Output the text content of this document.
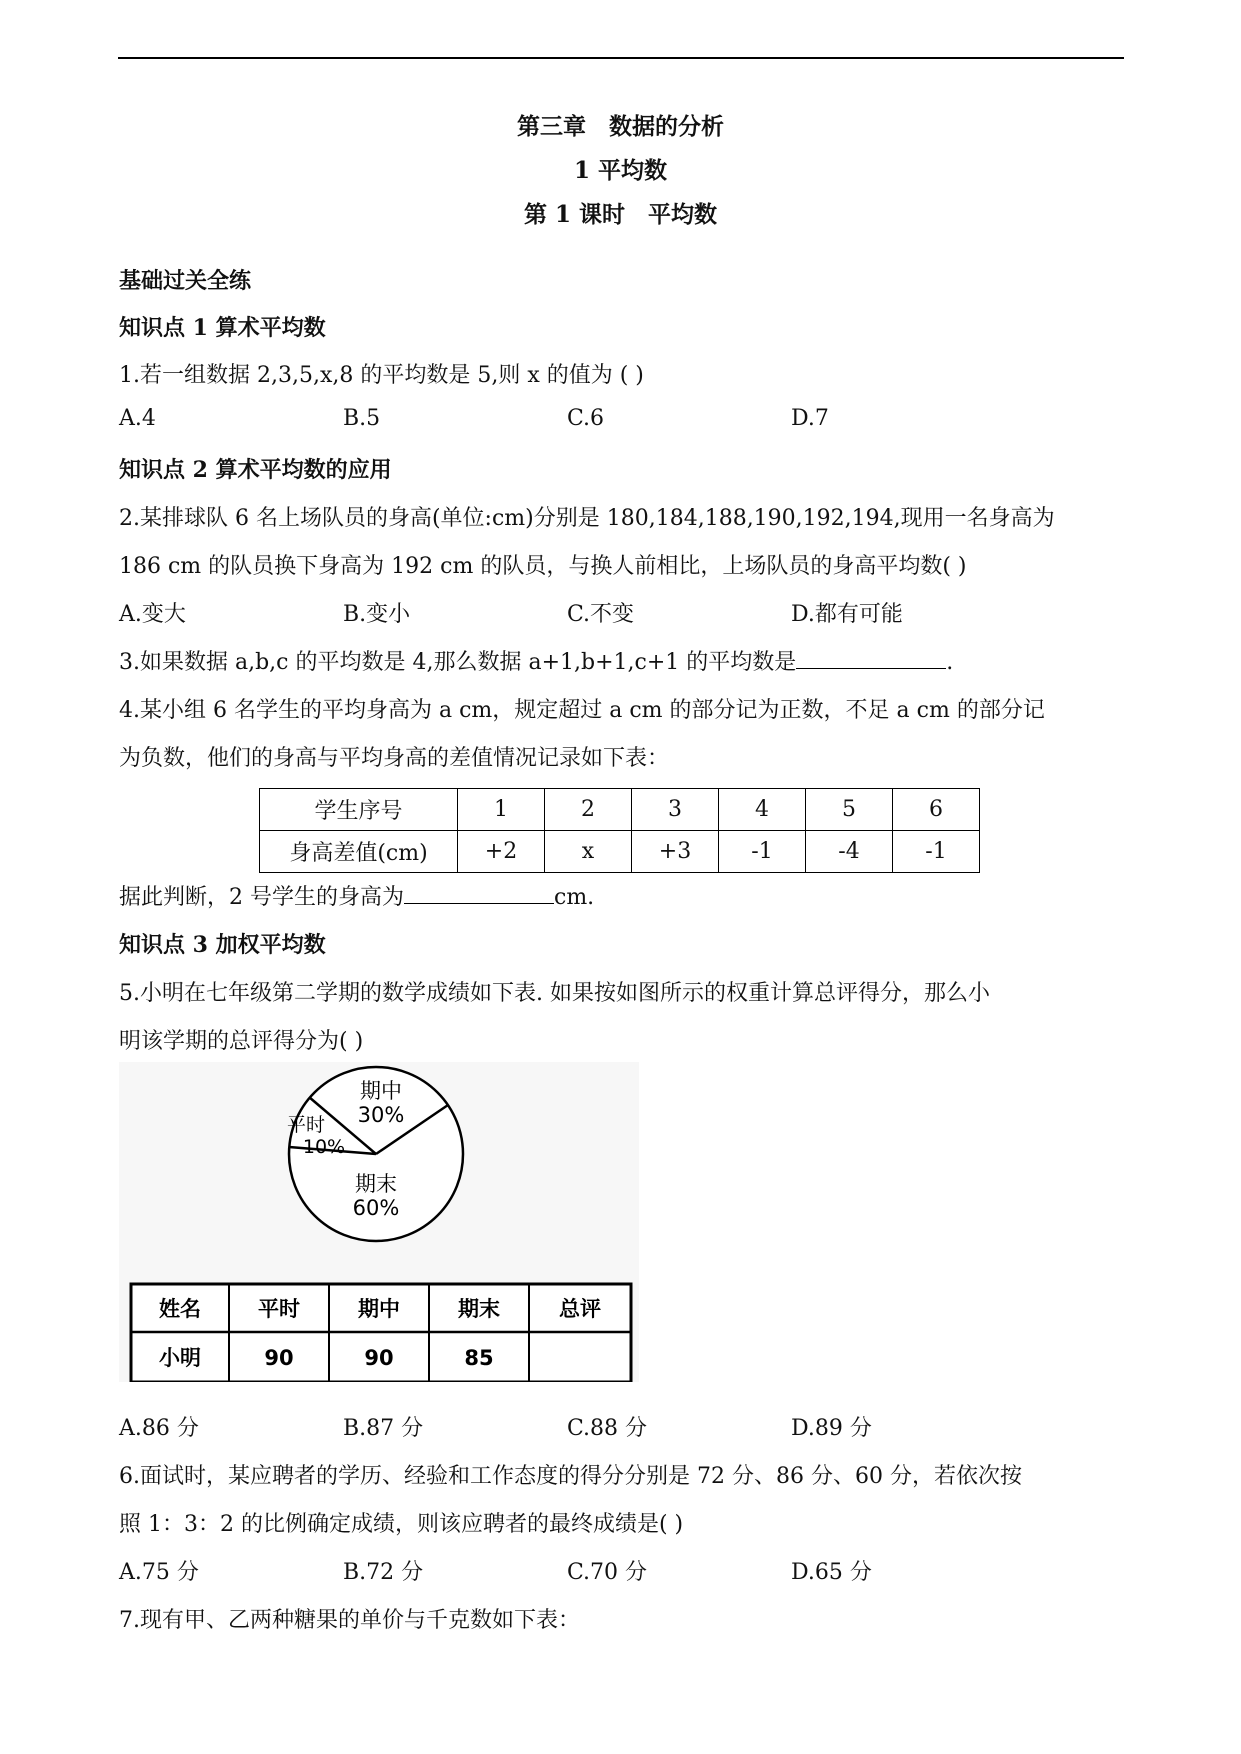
第三章　数据的分析
1 平均数
第 1 课时　平均数
基础过关全练
知识点 1 算术平均数
1.若一组数据 2,3,5,x,8 的平均数是 5,则 x 的值为 ( )
A.4	B.5	C.6	D.7
知识点 2 算术平均数的应用
2.某排球队 6 名上场队员的身高(单位:cm)分别是 180,184,188,190,192,194,现用一名身高为
186 cm 的队员换下身高为 192 cm 的队员，与换人前相比，上场队员的身高平均数( )
A.变大	B.变小	C.不变	D.都有可能
3.如果数据 a,b,c 的平均数是 4,那么数据 a+1,b+1,c+1 的平均数是	.
4.某小组 6 名学生的平均身高为 a cm，规定超过 a cm 的部分记为正数，不足 a cm 的部分记
为负数，他们的身高与平均身高的差值情况记录如下表：
学生序号	1	2	3	4	5	6
身高差值(cm)	+2	x	+3	-1	-4	-1
据此判断，2 号学生的身高为	cm.
知识点 3 加权平均数
5.小明在七年级第二学期的数学成绩如下表. 如果按如图所示的权重计算总评得分，那么小
明该学期的总评得分为( )
期中
30%
平时
10%
期末
60%
姓名	平时	期中	期末	总评
小明	90	90	85
A.86 分	B.87 分	C.88 分	D.89 分
6.面试时，某应聘者的学历、经验和工作态度的得分分别是 72 分、86 分、60 分，若依次按
照 1：3：2 的比例确定成绩，则该应聘者的最终成绩是( )
A.75 分	B.72 分	C.70 分	D.65 分
7.现有甲、乙两种糖果的单价与千克数如下表：
